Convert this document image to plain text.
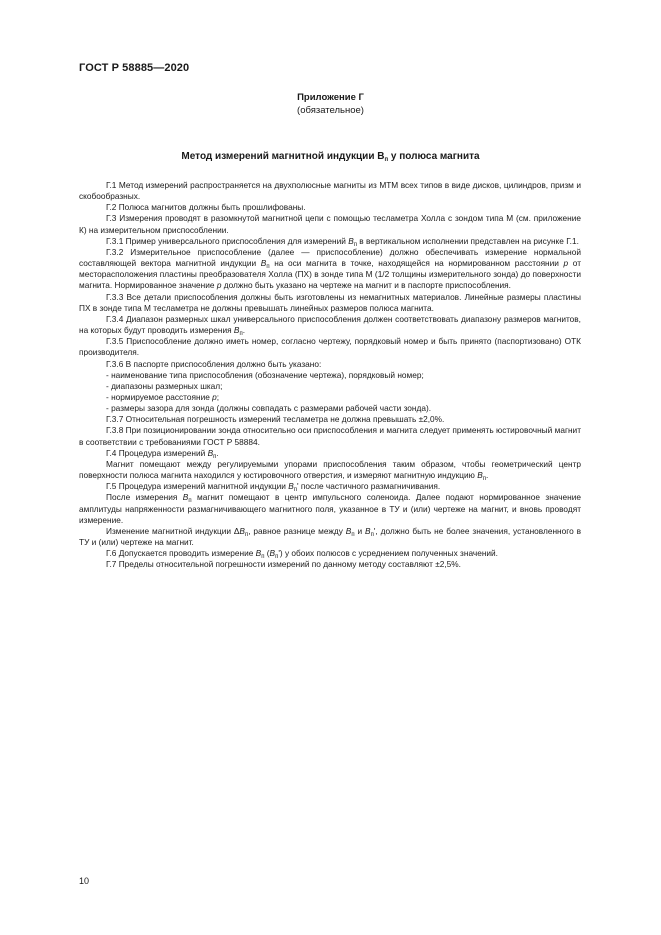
ГОСТ Р 58885—2020
Приложение Г
(обязательное)
Метод измерений магнитной индукции $B_п$ у полюса магнита

Г.1 Метод измерений распространяется на двухполюсные магниты из МТМ всех типов в виде дисков, цилиндров, призм и скобообразных.

Г.2 Полюса магнитов должны быть прошлифованы.

Г.3 Измерения проводят в разомкнутой магнитной цепи с помощью тесламетра Холла с зондом типа М (см. приложение К) на измерительном приспособлении.

Г.3.1 Пример универсального приспособления для измерений $B_п$ в вертикальном исполнении представлен на рисунке Г.1.

Г.3.2 Измерительное приспособление (далее — приспособление) должно обеспечивать измерение нормальной составляющей вектора магнитной индукции $B_п$ на оси магнита в точке, находящейся на нормированном расстоянии p от месторасположения пластины преобразователя Холла (ПХ) в зонде типа М (1/2 толщины измерительного зонда) до поверхности магнита. Нормированное значение p должно быть указано на чертеже на магнит и в паспорте приспособления.

Г.3.3 Все детали приспособления должны быть изготовлены из немагнитных материалов. Линейные размеры пластины ПХ в зонде типа М тесламетра не должны превышать линейных размеров полюса магнита.

Г.3.4 Диапазон размерных шкал универсального приспособления должен соответствовать диапазону размеров магнитов, на которых будут проводить измерения $B_п$.

Г.3.5 Приспособление должно иметь номер, согласно чертежу, порядковый номер и быть принято (паспортизовано) ОТК производителя.

Г.3.6 В паспорте приспособления должно быть указано:

- наименование типа приспособления (обозначение чертежа), порядковый номер;

- диапазоны размерных шкал;

- нормируемое расстояние p;

- размеры зазора для зонда (должны совпадать с размерами рабочей части зонда).

Г.3.7 Относительная погрешность измерений тесламетра не должна превышать ±2,0%.

Г.3.8 При позиционировании зонда относительно оси приспособления и магнита следует применять юстировочный магнит в соответствии с требованиями ГОСТ Р 58884.

Г.4 Процедура измерений $B_п$.

Магнит помещают между регулируемыми упорами приспособления таким образом, чтобы геометрический центр поверхности полюса магнита находился у юстировочного отверстия, и измеряют магнитную индукцию $B_п$.

Г.5 Процедура измерений магнитной индукции $B_п'$ после частичного размагничивания.

После измерения $B_п$ магнит помещают в центр импульсного соленоида. Далее подают нормированное значение амплитуды напряженности размагничивающего магнитного поля, указанное в ТУ и (или) чертеже на магнит, и вновь проводят измерение.

Изменение магнитной индукции $\Delta B_п$, равное разнице между $B_п$ и $B_п'$, должно быть не более значения, установленного в ТУ и (или) чертеже на магнит.

Г.6 Допускается проводить измерение $B_п$ $(B_п')$ у обоих полюсов с усреднением полученных значений.

Г.7 Пределы относительной погрешности измерений по данному методу составляют ±2,5%.

10
